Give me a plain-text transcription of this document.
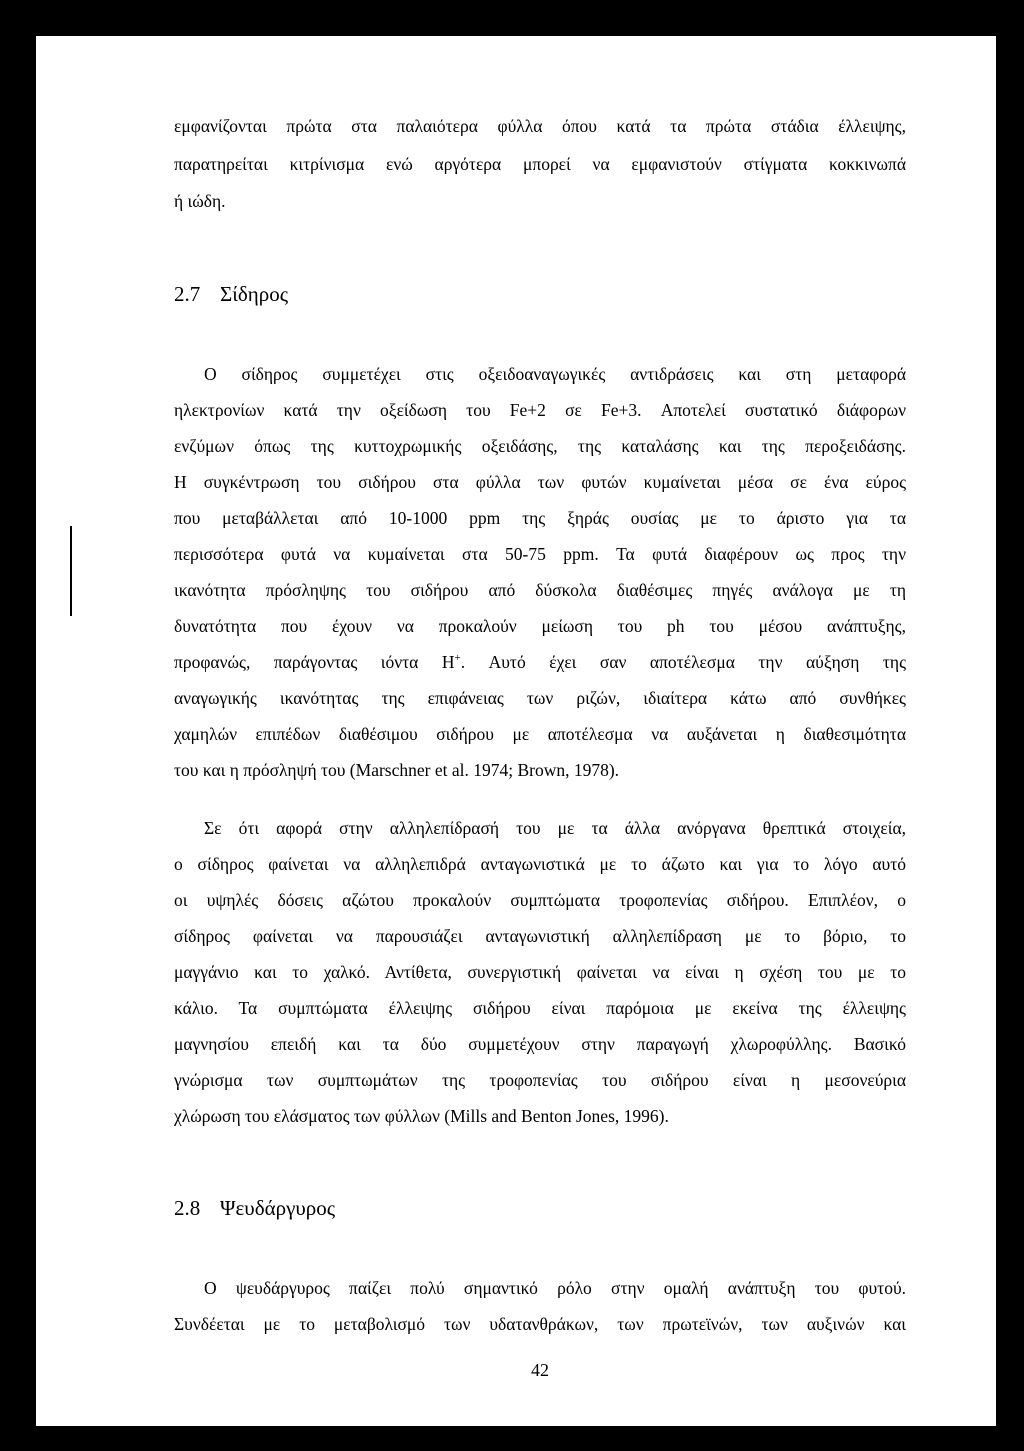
εμφανίζονται πρώτα στα παλαιότερα φύλλα όπου κατά τα πρώτα στάδια έλλειψης,
παρατηρείται κιτρίνισμα ενώ αργότερα μπορεί να εμφανιστούν στίγματα κοκκινωπά
ή ιώδη.
2.7 Σίδηρος
Ο σίδηρος συμμετέχει στις οξειδοαναγωγικές αντιδράσεις και στη μεταφορά
ηλεκτρονίων κατά την οξείδωση του Fe+2 σε Fe+3. Αποτελεί συστατικό διάφορων
ενζύμων όπως της κυττοχρωμικής οξειδάσης, της καταλάσης και της περοξειδάσης.
Η συγκέντρωση του σιδήρου στα φύλλα των φυτών κυμαίνεται μέσα σε ένα εύρος
που μεταβάλλεται από 10-1000 ppm της ξηράς ουσίας με το άριστο για τα
περισσότερα φυτά να κυμαίνεται στα 50-75 ppm. Τα φυτά διαφέρουν ως προς την
ικανότητα πρόσληψης του σιδήρου από δύσκολα διαθέσιμες πηγές ανάλογα με τη
δυνατότητα που έχουν να προκαλούν μείωση του ph του μέσου ανάπτυξης,
προφανώς, παράγοντας ιόντα H+. Αυτό έχει σαν αποτέλεσμα την αύξηση της
αναγωγικής ικανότητας της επιφάνειας των ριζών, ιδιαίτερα κάτω από συνθήκες
χαμηλών επιπέδων διαθέσιμου σιδήρου με αποτέλεσμα να αυξάνεται η διαθεσιμότητα
του και η πρόσληψή του (Marschner et al. 1974; Brown, 1978).
Σε ότι αφορά στην αλληλεπίδρασή του με τα άλλα ανόργανα θρεπτικά στοιχεία,
ο σίδηρος φαίνεται να αλληλεπιδρά ανταγωνιστικά με το άζωτο και για το λόγο αυτό
οι υψηλές δόσεις αζώτου προκαλούν συμπτώματα τροφοπενίας σιδήρου. Επιπλέον, ο
σίδηρος φαίνεται να παρουσιάζει ανταγωνιστική αλληλεπίδραση με το βόριο, το
μαγγάνιο και το χαλκό. Αντίθετα, συνεργιστική φαίνεται να είναι η σχέση του με το
κάλιο. Τα συμπτώματα έλλειψης σιδήρου είναι παρόμοια με εκείνα της έλλειψης
μαγνησίου επειδή και τα δύο συμμετέχουν στην παραγωγή χλωροφύλλης. Βασικό
γνώρισμα των συμπτωμάτων της τροφοπενίας του σιδήρου είναι η μεσονεύρια
χλώρωση του ελάσματος των φύλλων (Mills and Benton Jones, 1996).
2.8 Ψευδάργυρος
Ο ψευδάργυρος παίζει πολύ σημαντικό ρόλο στην ομαλή ανάπτυξη του φυτού.
Συνδέεται με το μεταβολισμό των υδατανθράκων, των πρωτεϊνών, των αυξινών και
42
